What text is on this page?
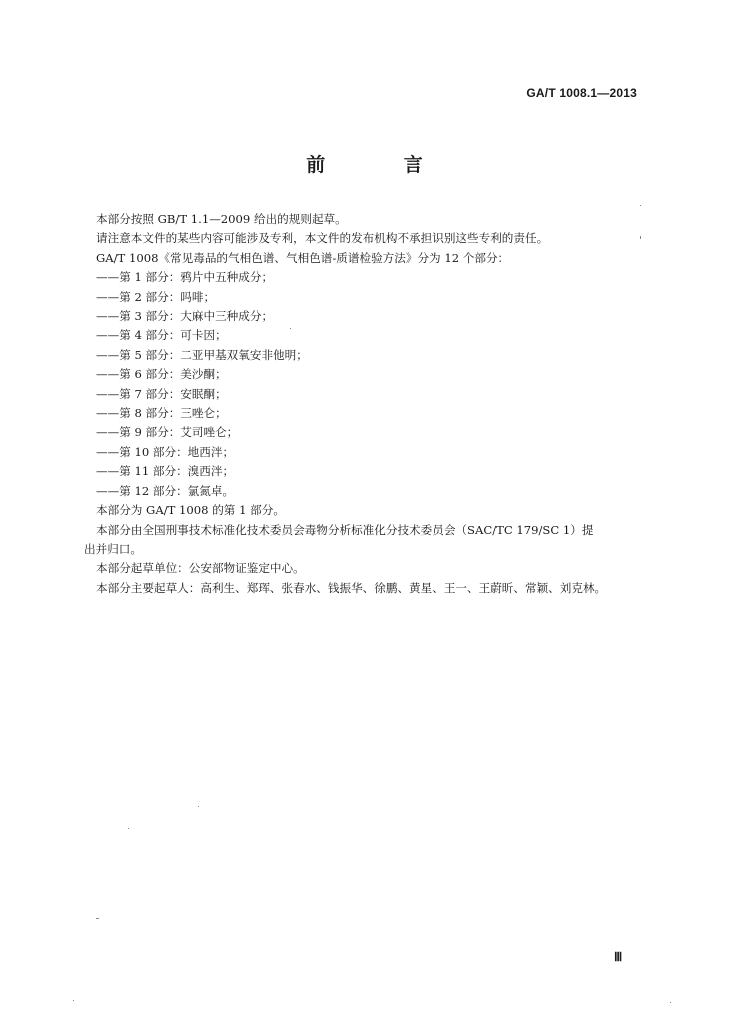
GA/T 1008.1—2013
前 言

本部分按照 GB/T 1.1—2009 给出的规则起草。

请注意本文件的某些内容可能涉及专利，本文件的发布机构不承担识别这些专利的责任。

GA/T 1008《常见毒品的气相色谱、气相色谱-质谱检验方法》分为 12 个部分：

——第 1 部分：鸦片中五种成分；

——第 2 部分：吗啡；

——第 3 部分：大麻中三种成分；

——第 4 部分：可卡因；

——第 5 部分：二亚甲基双氧安非他明；

——第 6 部分：美沙酮；

——第 7 部分：安眠酮；

——第 8 部分：三唑仑；

——第 9 部分：艾司唑仑；

——第 10 部分：地西泮；

——第 11 部分：溴西泮；

——第 12 部分：氯氮卓。

本部分为 GA/T 1008 的第 1 部分。

本部分由全国刑事技术标准化技术委员会毒物分析标准化分技术委员会（SAC/TC 179/SC 1）提

出并归口。

本部分起草单位：公安部物证鉴定中心。

本部分主要起草人：高利生、郑珲、张春水、钱振华、徐鹏、黄星、王一、王蔚昕、常颖、刘克林。

Ⅲ
